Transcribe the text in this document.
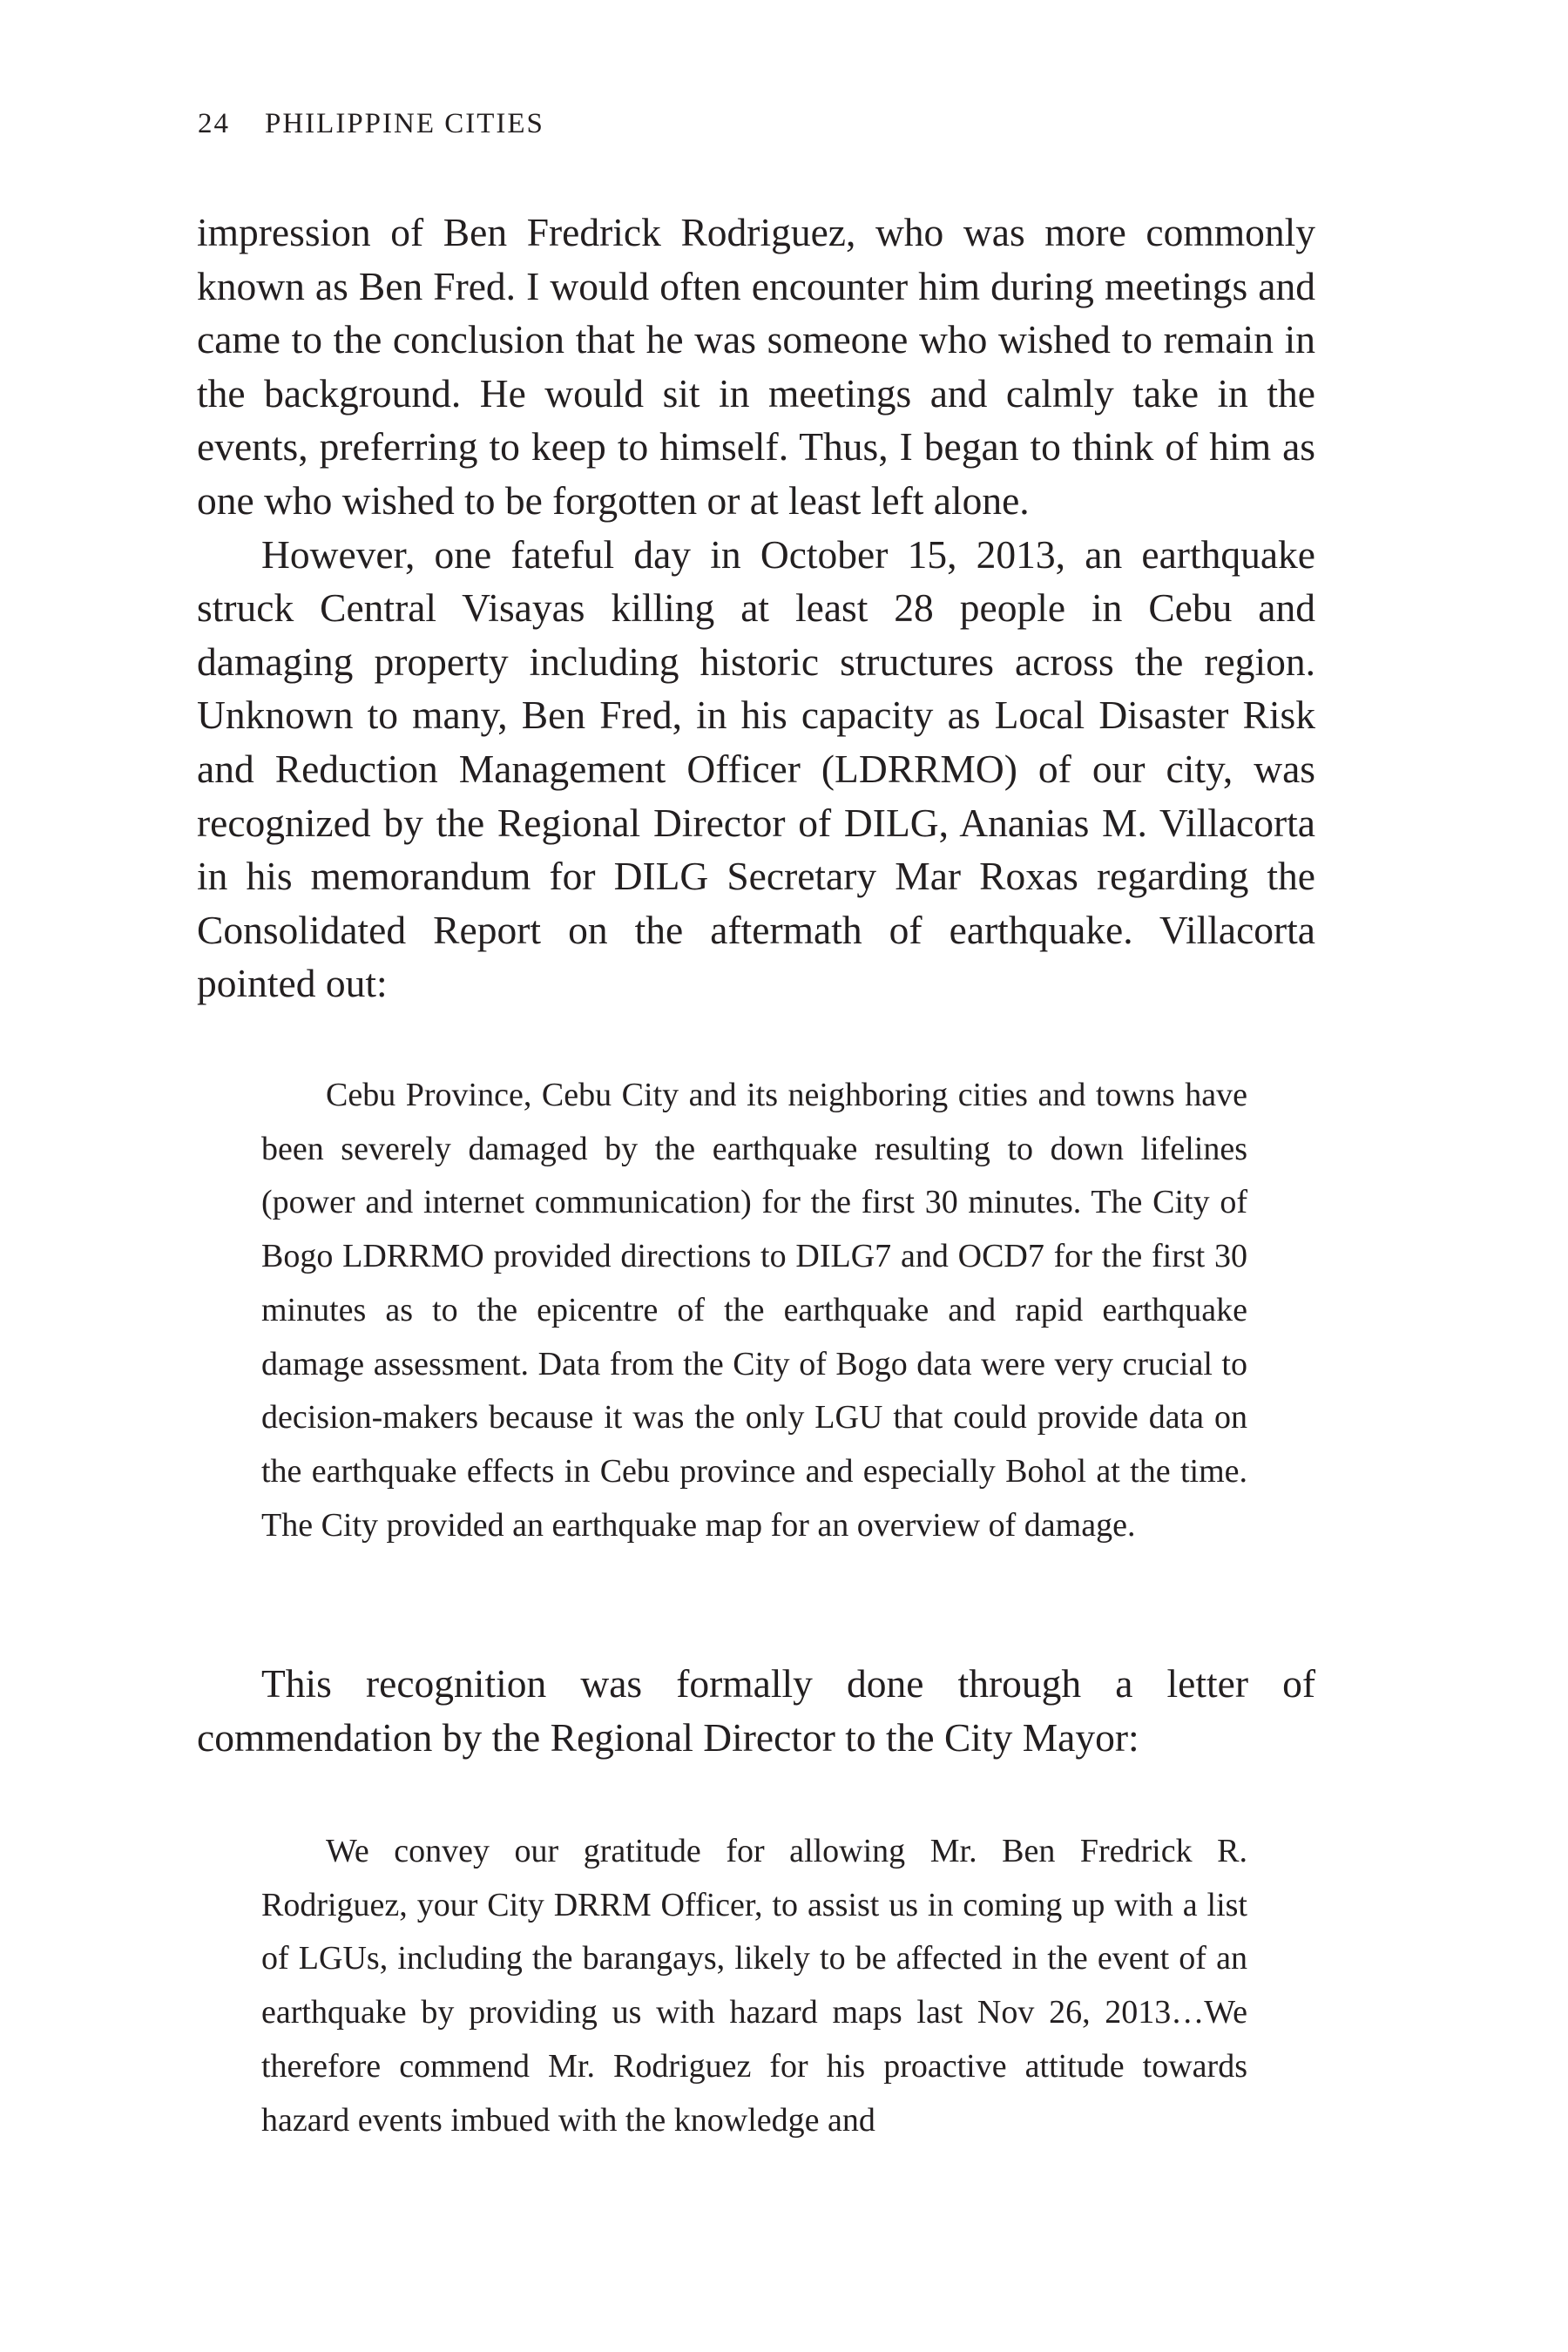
24 PHILIPPINE CITIES

impression of Ben Fredrick Rodriguez, who was more commonly known as Ben Fred. I would often encounter him during meetings and came to the conclusion that he was someone who wished to remain in the background. He would sit in meetings and calmly take in the events, preferring to keep to himself. Thus, I began to think of him as one who wished to be forgotten or at least left alone.

However, one fateful day in October 15, 2013, an earthquake struck Central Visayas killing at least 28 people in Cebu and damaging property including historic structures across the region. Unknown to many, Ben Fred, in his capacity as Local Disaster Risk and Reduction Management Officer (LDRRMO) of our city, was recognized by the Regional Director of DILG, Ananias M. Villacorta in his memorandum for DILG Secretary Mar Roxas regarding the Consolidated Report on the aftermath of earthquake. Villacorta pointed out:

Cebu Province, Cebu City and its neighboring cities and towns have been severely damaged by the earthquake resulting to down lifelines (power and internet communication) for the first 30 minutes. The City of Bogo LDRRMO provided directions to DILG7 and OCD7 for the first 30 minutes as to the epicentre of the earthquake and rapid earthquake damage assessment. Data from the City of Bogo data were very crucial to decision-makers because it was the only LGU that could provide data on the earthquake effects in Cebu province and especially Bohol at the time. The City provided an earthquake map for an overview of damage.

This recognition was formally done through a letter of commendation by the Regional Director to the City Mayor:

We convey our gratitude for allowing Mr. Ben Fredrick R. Rodriguez, your City DRRM Officer, to assist us in coming up with a list of LGUs, including the barangays, likely to be affected in the event of an earthquake by providing us with hazard maps last Nov 26, 2013…We therefore commend Mr. Rodriguez for his proactive attitude towards hazard events imbued with the knowledge and
